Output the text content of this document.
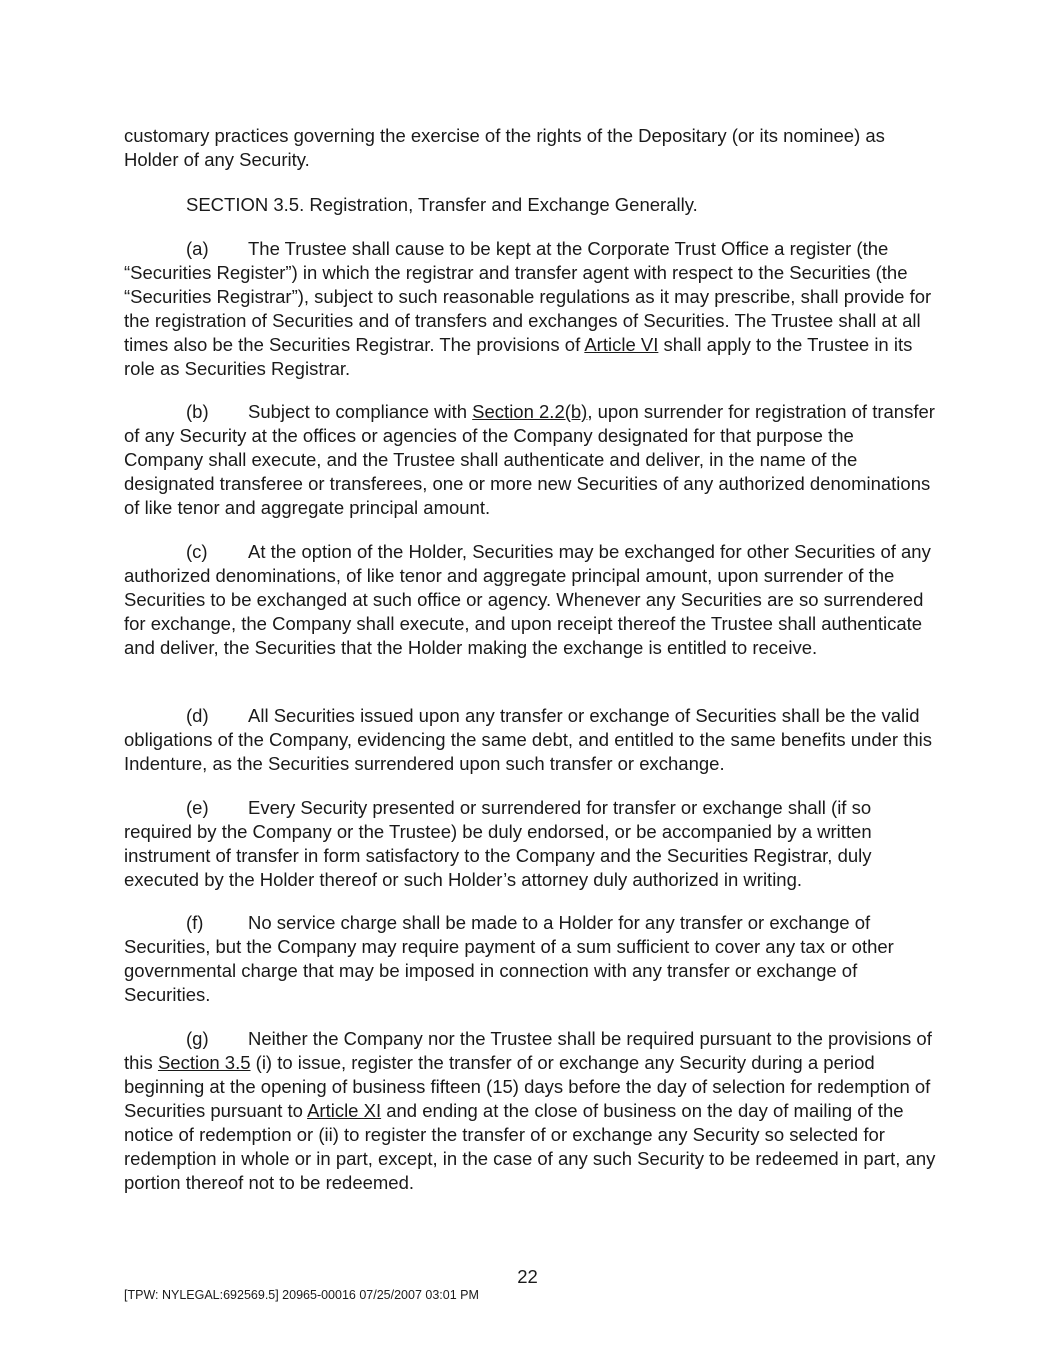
customary practices governing the exercise of the rights of the Depositary (or its nominee) as Holder of any Security.

SECTION 3.5. Registration, Transfer and Exchange Generally.

(a) The Trustee shall cause to be kept at the Corporate Trust Office a register (the “Securities Register”) in which the registrar and transfer agent with respect to the Securities (the “Securities Registrar”), subject to such reasonable regulations as it may prescribe, shall provide for the registration of Securities and of transfers and exchanges of Securities. The Trustee shall at all times also be the Securities Registrar. The provisions of Article VI shall apply to the Trustee in its role as Securities Registrar.

(b) Subject to compliance with Section 2.2(b), upon surrender for registration of transfer of any Security at the offices or agencies of the Company designated for that purpose the Company shall execute, and the Trustee shall authenticate and deliver, in the name of the designated transferee or transferees, one or more new Securities of any authorized denominations of like tenor and aggregate principal amount.

(c) At the option of the Holder, Securities may be exchanged for other Securities of any authorized denominations, of like tenor and aggregate principal amount, upon surrender of the Securities to be exchanged at such office or agency. Whenever any Securities are so surrendered for exchange, the Company shall execute, and upon receipt thereof the Trustee shall authenticate and deliver, the Securities that the Holder making the exchange is entitled to receive.

(d) All Securities issued upon any transfer or exchange of Securities shall be the valid obligations of the Company, evidencing the same debt, and entitled to the same benefits under this Indenture, as the Securities surrendered upon such transfer or exchange.

(e) Every Security presented or surrendered for transfer or exchange shall (if so required by the Company or the Trustee) be duly endorsed, or be accompanied by a written instrument of transfer in form satisfactory to the Company and the Securities Registrar, duly executed by the Holder thereof or such Holder’s attorney duly authorized in writing.

(f) No service charge shall be made to a Holder for any transfer or exchange of Securities, but the Company may require payment of a sum sufficient to cover any tax or other governmental charge that may be imposed in connection with any transfer or exchange of Securities.

(g) Neither the Company nor the Trustee shall be required pursuant to the provisions of this Section 3.5 (i) to issue, register the transfer of or exchange any Security during a period beginning at the opening of business fifteen (15) days before the day of selection for redemption of Securities pursuant to Article XI and ending at the close of business on the day of mailing of the notice of redemption or (ii) to register the transfer of or exchange any Security so selected for redemption in whole or in part, except, in the case of any such Security to be redeemed in part, any portion thereof not to be redeemed.

22
[TPW: NYLEGAL:692569.5] 20965-00016 07/25/2007 03:01 PM
